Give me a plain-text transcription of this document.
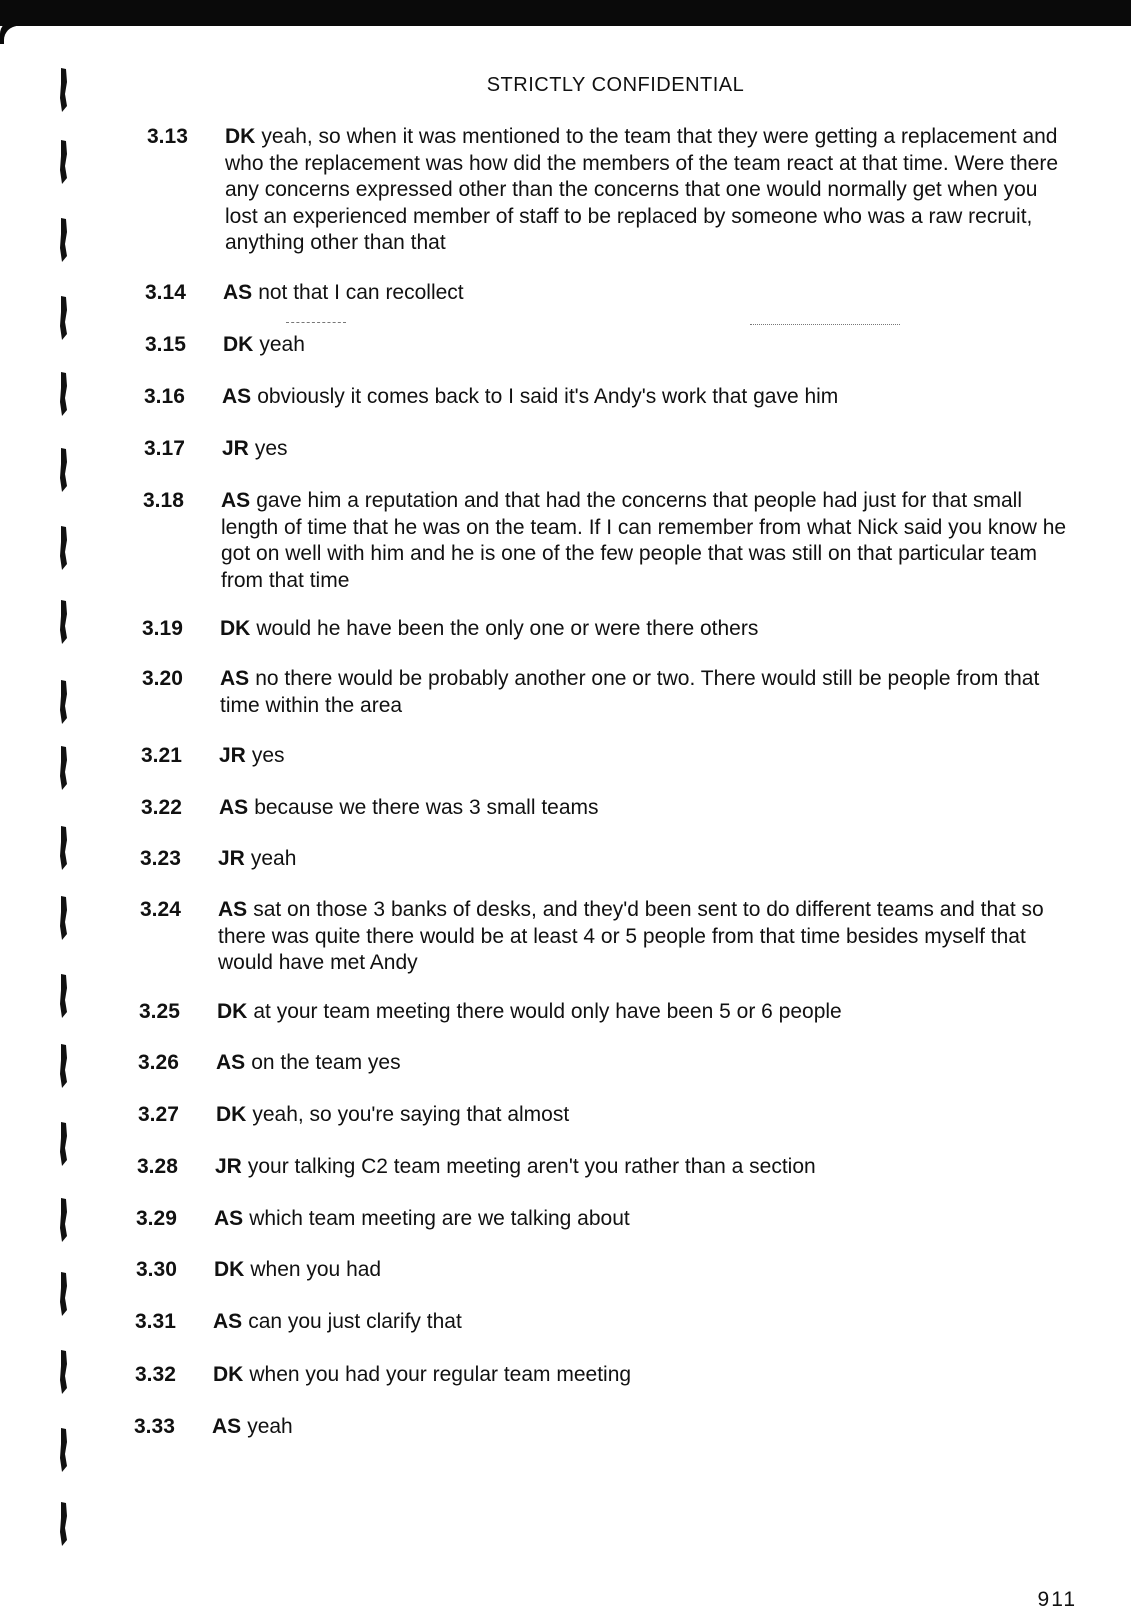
STRICTLY CONFIDENTIAL
3.13	DK yeah, so when it was mentioned to the team that they were getting a replacement and who the replacement was how did the members of the team react at that time. Were there any concerns expressed other than the concerns that one would normally get when you lost an experienced member of staff to be replaced by someone who was a raw recruit, anything other than that
3.14	AS not that I can recollect
3.15	DK yeah
3.16	AS obviously it comes back to I said it's Andy's work that gave him
3.17	JR yes
3.18	AS gave him a reputation and that had the concerns that people had just for that small length of time that he was on the team. If I can remember from what Nick said you know he got on well with him and he is one of the few people that was still on that particular team from that time
3.19	DK would he have been the only one or were there others
3.20	AS no there would be probably another one or two. There would still be people from that time within the area
3.21	JR yes
3.22	AS because we there was 3 small teams
3.23	JR yeah
3.24	AS sat on those 3 banks of desks, and they'd been sent to do different teams and that so there was quite there would be at least 4 or 5 people from that time besides myself that would have met Andy
3.25	DK at your team meeting there would only have been 5 or 6 people
3.26	AS on the team yes
3.27	DK yeah, so you're saying that almost
3.28	JR your talking C2 team meeting aren't you rather than a section
3.29	AS which team meeting are we talking about
3.30	DK when you had
3.31	AS can you just clarify that
3.32	DK when you had your regular team meeting
3.33	AS yeah
911
